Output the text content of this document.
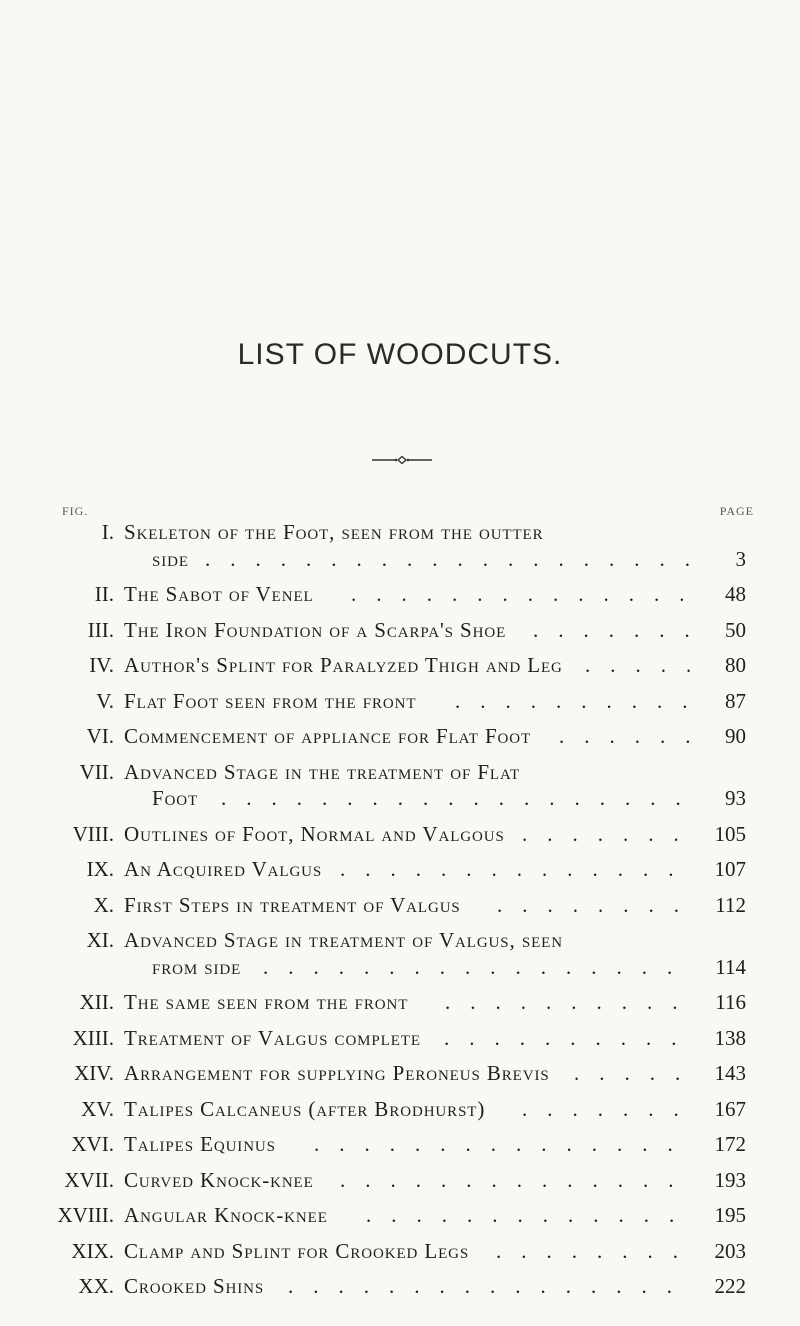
LIST OF WOODCUTS.
FIG.	PAGE
I. Skeleton of the Foot, seen from the outter
side	3
....................
II. The Sabot of Venel	48
..............
III. The Iron Foundation of a Scarpa's Shoe	50
.......
IV. Author's Splint for Paralyzed Thigh and Leg	80
.....
V. Flat Foot seen from the front	87
..........
VI. Commencement of appliance for Flat Foot	90
......
VII. Advanced Stage in the treatment of Flat
Foot	93
...................
VIII. Outlines of Foot, Normal and Valgous	105
.......
IX. An Acquired Valgus	107
..............
X. First Steps in treatment of Valgus	112
........
XI. Advanced Stage in treatment of Valgus, seen
from side	114
.................
XII. The same seen from the front	116
..........
XIII. Treatment of Valgus complete	138
..........
XIV. Arrangement for supplying Peroneus Brevis	143
.....
XV. Talipes Calcaneus (after Brodhurst)	167
.......
XVI. Talipes Equinus	172
...............
XVII. Curved Knock-knee	193
..............
XVIII. Angular Knock-knee	195
.............
XIX. Clamp and Splint for Crooked Legs	203
........
XX. Crooked Shins	222
................
